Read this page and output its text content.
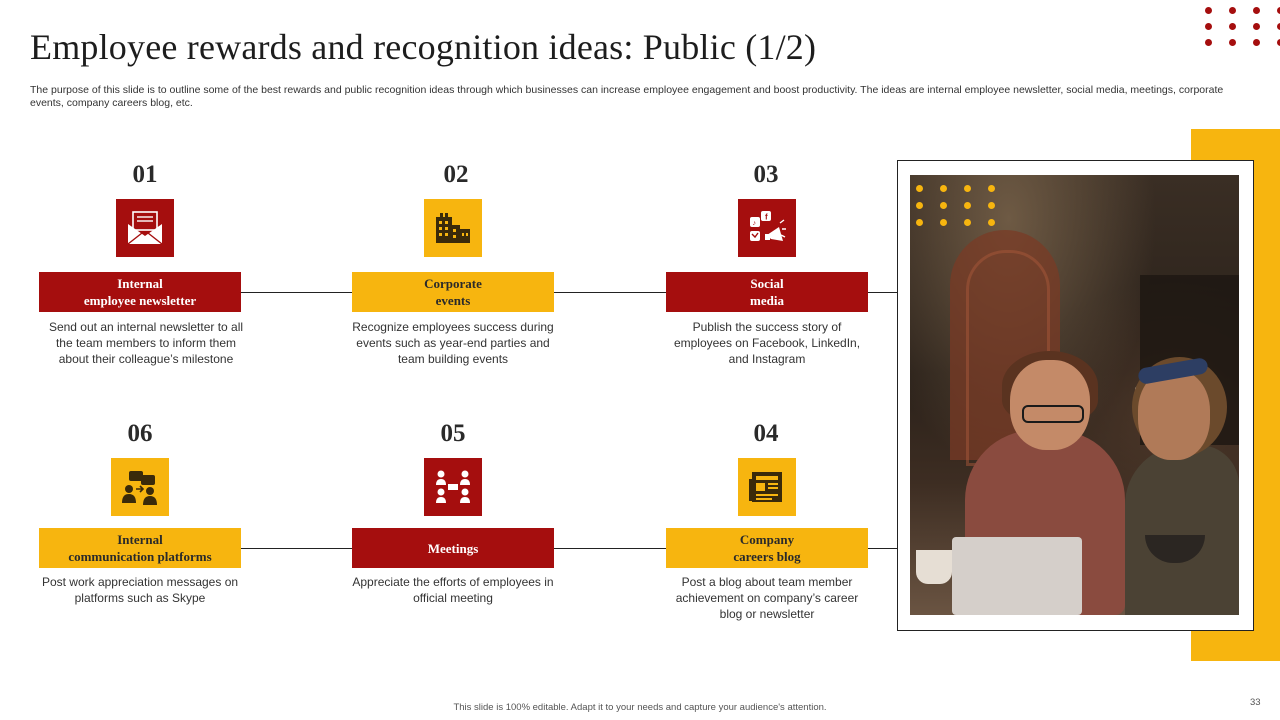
Employee rewards and recognition ideas: Public (1/2)
The purpose of this slide is to outline some of the best rewards and public recognition ideas through which businesses can increase employee engagement and boost productivity. The ideas are internal employee newsletter, social media, meetings, corporate events, company careers blog, etc.
01
Internal
employee newsletter
Send out an internal newsletter to all the team members to inform them about their colleague’s milestone
02
Corporate
events
Recognize employees success during events such as year-end parties and team building events
03
f
♪
Social
media
Publish the success story of employees on Facebook, LinkedIn, and Instagram
06
Internal
communication platforms
Post work appreciation messages on platforms such as Skype
05
Meetings
Appreciate the efforts of employees in official meeting
04
Company
careers blog
Post a blog about team member achievement on company’s career blog or newsletter
This slide is 100% editable. Adapt it to your needs and capture your audience's attention.	33
